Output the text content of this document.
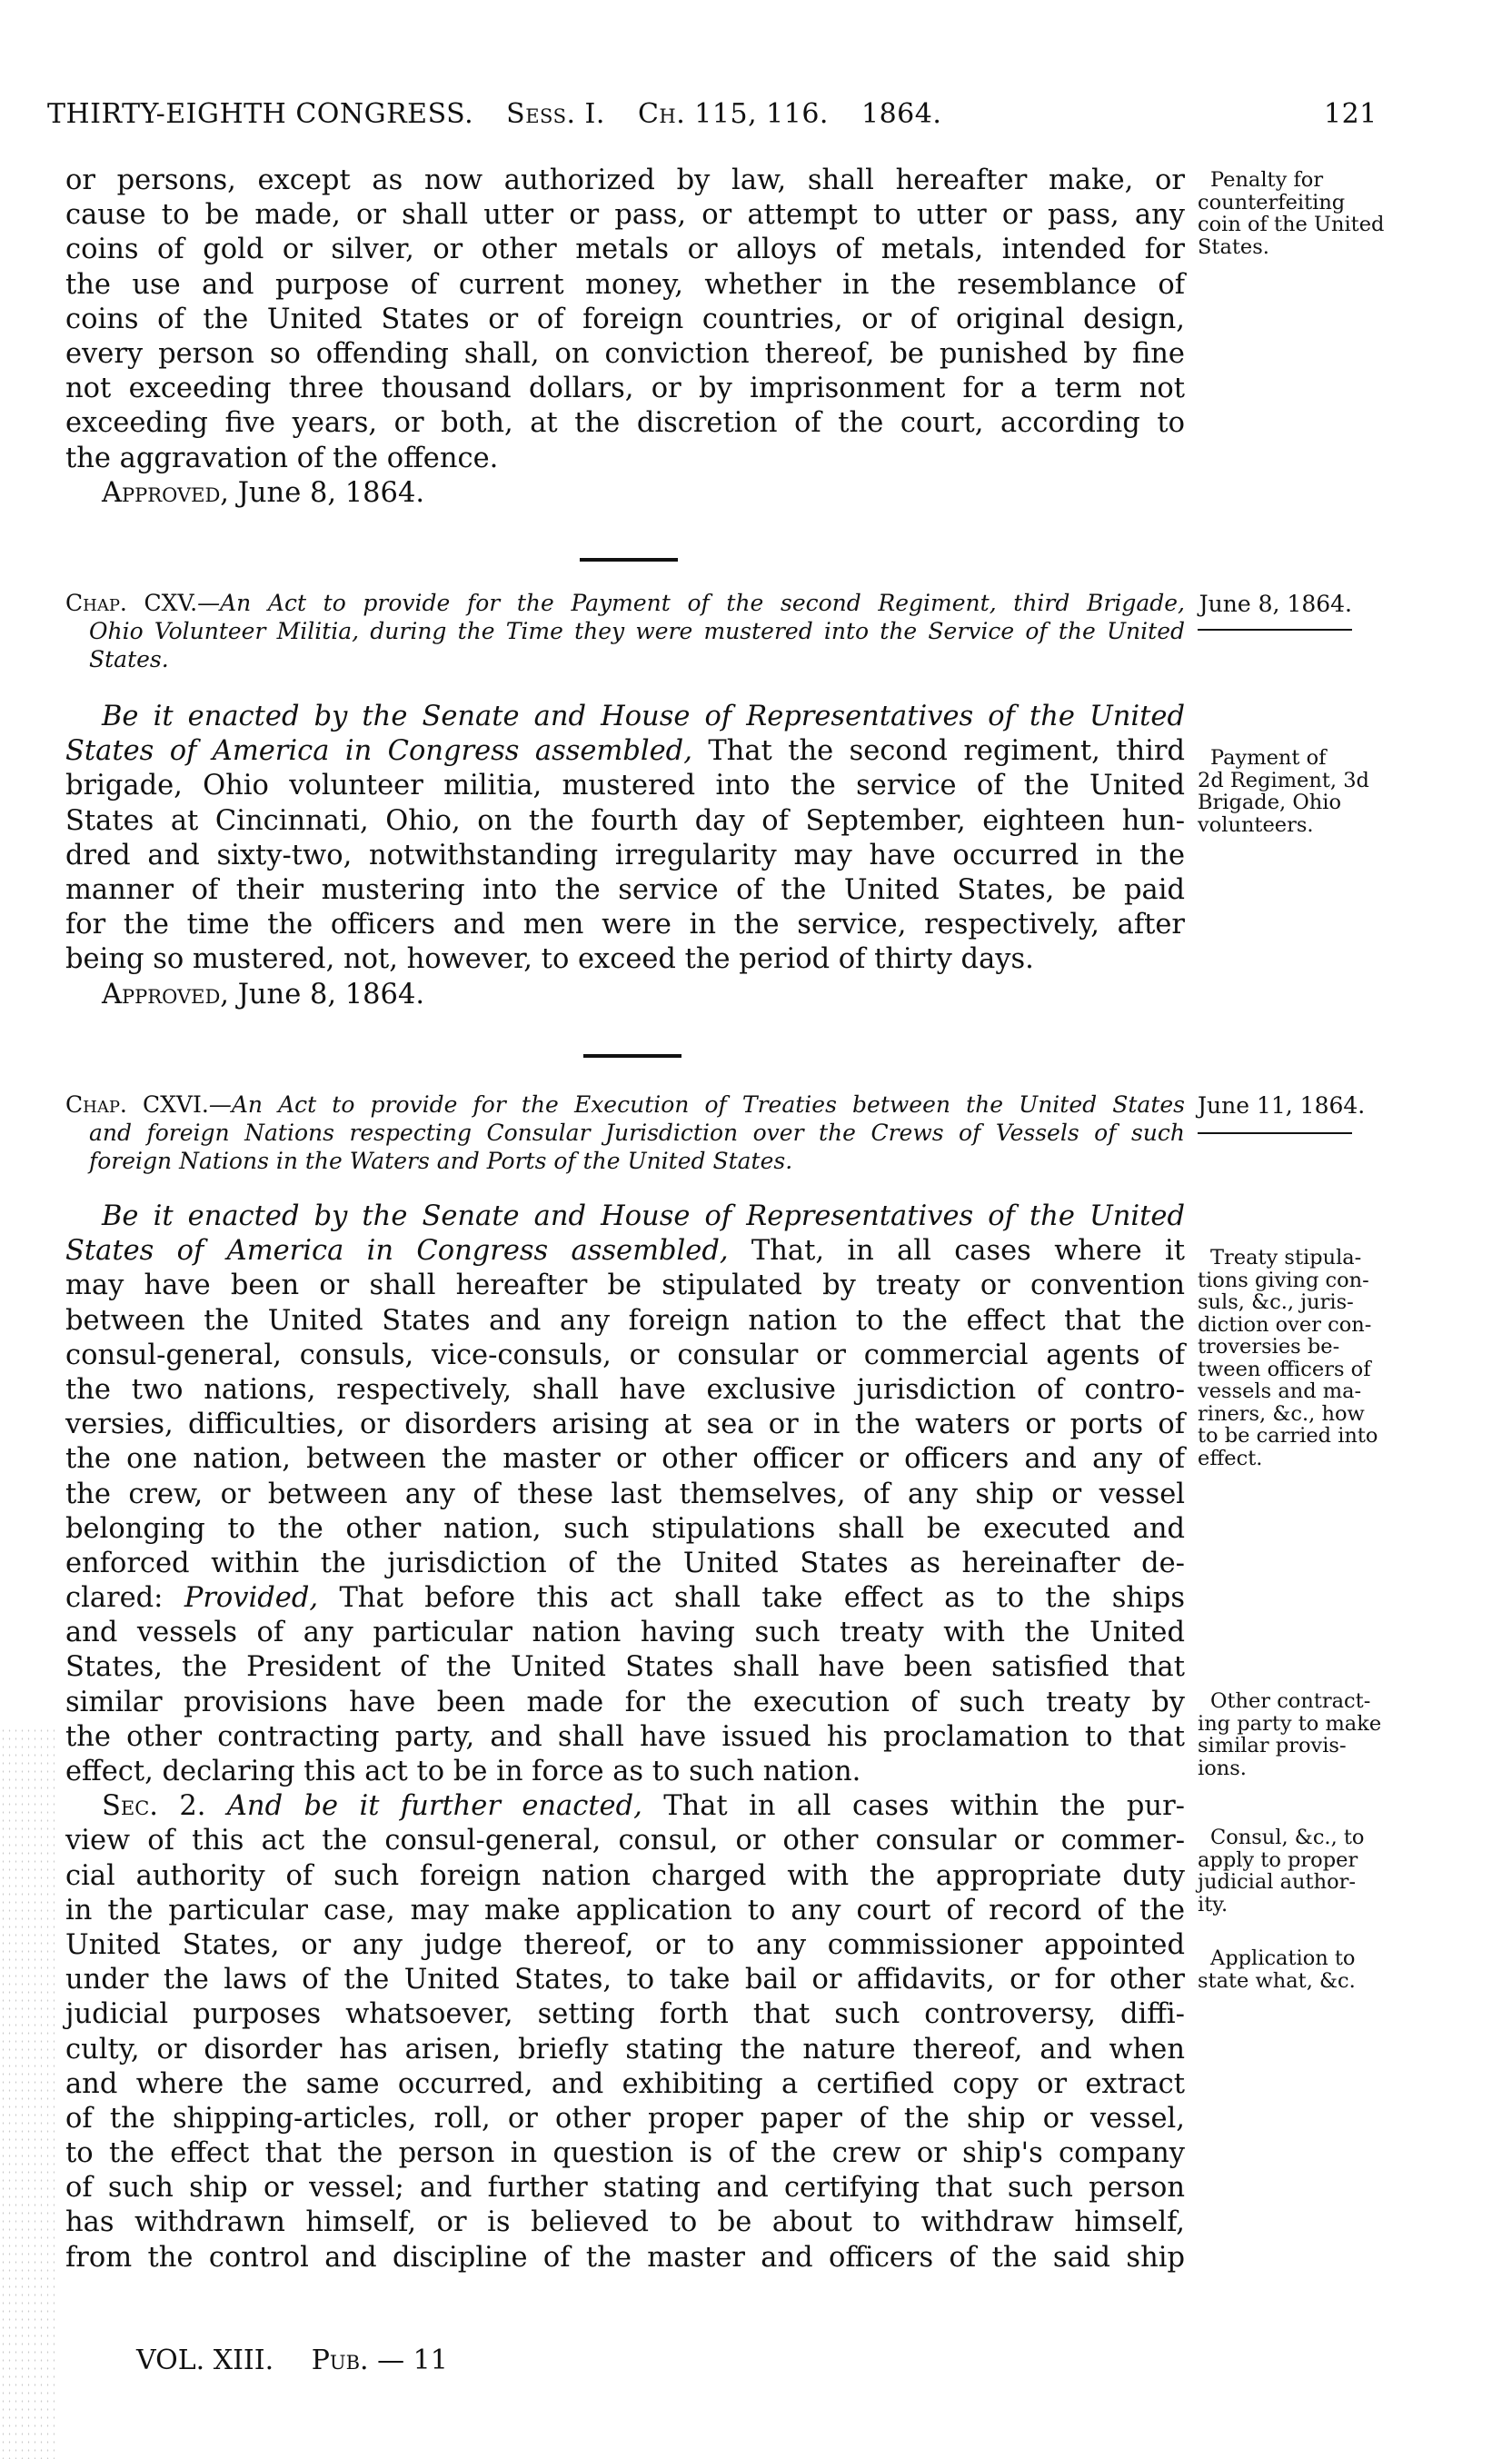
THIRTY-EIGHTH CONGRESS. Sess. I. Ch. 115, 116. 1864.	121
or persons, except as now authorized by law, shall hereafter make, or
cause to be made, or shall utter or pass, or attempt to utter or pass, any
coins of gold or silver, or other metals or alloys of metals, intended for
the use and purpose of current money, whether in the resemblance of
coins of the United States or of foreign countries, or of original design,
every person so offending shall, on conviction thereof, be punished by fine
not exceeding three thousand dollars, or by imprisonment for a term not
exceeding five years, or both, at the discretion of the court, according to
the aggravation of the offence.
Approved, June 8, 1864.
Penalty for
counterfeiting
coin of the United
States.
Chap. CXV.—An Act to provide for the Payment of the second Regiment, third Brigade,
Ohio Volunteer Militia, during the Time they were mustered into the Service of the United
States.
June 8, 1864.
Be it enacted by the Senate and House of Representatives of the United
States of America in Congress assembled, That the second regiment, third
brigade, Ohio volunteer militia, mustered into the service of the United
States at Cincinnati, Ohio, on the fourth day of September, eighteen hun-
dred and sixty-two, notwithstanding irregularity may have occurred in the
manner of their mustering into the service of the United States, be paid
for the time the officers and men were in the service, respectively, after
being so mustered, not, however, to exceed the period of thirty days.
Approved, June 8, 1864.
Payment of
2d Regiment, 3d
Brigade, Ohio
volunteers.
Chap. CXVI.—An Act to provide for the Execution of Treaties between the United States
and foreign Nations respecting Consular Jurisdiction over the Crews of Vessels of such
foreign Nations in the Waters and Ports of the United States.
June 11, 1864.
Be it enacted by the Senate and House of Representatives of the United
States of America in Congress assembled, That, in all cases where it
may have been or shall hereafter be stipulated by treaty or convention
between the United States and any foreign nation to the effect that the
consul-general, consuls, vice-consuls, or consular or commercial agents of
the two nations, respectively, shall have exclusive jurisdiction of contro-
versies, difficulties, or disorders arising at sea or in the waters or ports of
the one nation, between the master or other officer or officers and any of
the crew, or between any of these last themselves, of any ship or vessel
belonging to the other nation, such stipulations shall be executed and
enforced within the jurisdiction of the United States as hereinafter de-
clared: Provided, That before this act shall take effect as to the ships
and vessels of any particular nation having such treaty with the United
States, the President of the United States shall have been satisfied that
similar provisions have been made for the execution of such treaty by
the other contracting party, and shall have issued his proclamation to that
effect, declaring this act to be in force as to such nation.
Sec. 2. And be it further enacted, That in all cases within the pur-
view of this act the consul-general, consul, or other consular or commer-
cial authority of such foreign nation charged with the appropriate duty
in the particular case, may make application to any court of record of the
United States, or any judge thereof, or to any commissioner appointed
under the laws of the United States, to take bail or affidavits, or for other
judicial purposes whatsoever, setting forth that such controversy, diffi-
culty, or disorder has arisen, briefly stating the nature thereof, and when
and where the same occurred, and exhibiting a certified copy or extract
of the shipping-articles, roll, or other proper paper of the ship or vessel,
to the effect that the person in question is of the crew or ship's company
of such ship or vessel; and further stating and certifying that such person
has withdrawn himself, or is believed to be about to withdraw himself,
from the control and discipline of the master and officers of the said ship
Treaty stipula-
tions giving con-
suls, &c., juris-
diction over con-
troversies be-
tween officers of
vessels and ma-
riners, &c., how
to be carried into
effect.
Other contract-
ing party to make
similar provis-
ions.
Consul, &c., to
apply to proper
judicial author-
ity.
Application to
state what, &c.
VOL. XIII. Pub. — 11
